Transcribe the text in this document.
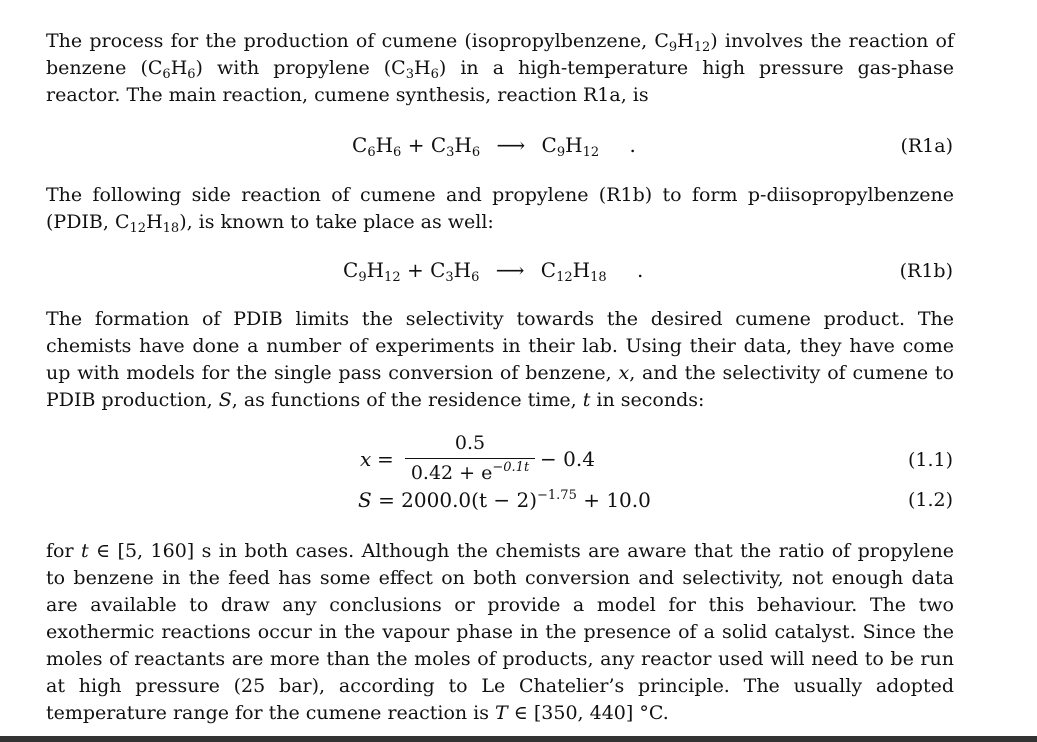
The process for the production of cumene (isopropylbenzene, $C_9H_{12}$) involves the reaction of benzene $(C_6H_6)$ with propylene $(C_3H_6)$ in a high-temperature high pressure gas-phase reactor. The main reaction, cumene synthesis, reaction R1a, is

$C_6H_6 + C_3H_6$ ⟶ $C_9H_{12}$ .	(R1a)

The following side reaction of cumene and propylene (R1b) to form p-diisopropylbenzene (PDIB, $C_{12}H_{18}$), is known to take place as well:

$C_9H_{12} + C_3H_6$ ⟶ $C_{12}H_{18}$ .	(R1b)

The formation of PDIB limits the selectivity towards the desired cumene product. The chemists have done a number of experiments in their lab. Using their data, they have come up with models for the single pass conversion of benzene, x, and the selectivity of cumene to PDIB production, S, as functions of the residence time, t in seconds:

x =
0.5
$0.42 + e^{-0.1t} - 0.4$	(1.1)
$S = 2000.0(t - 2)^{-1.75} + 10.0$	(1.2)

for t ∈ [5, 160] s in both cases. Although the chemists are aware that the ratio of propylene to benzene in the feed has some effect on both conversion and selectivity, not enough data are available to draw any conclusions or provide a model for this behaviour. The two exothermic reactions occur in the vapour phase in the presence of a solid catalyst. Since the moles of reactants are more than the moles of products, any reactor used will need to be run at high pressure (25 bar), according to Le Chatelier’s principle. The usually adopted temperature range for the cumene reaction is T ∈ [350, 440] °C.
